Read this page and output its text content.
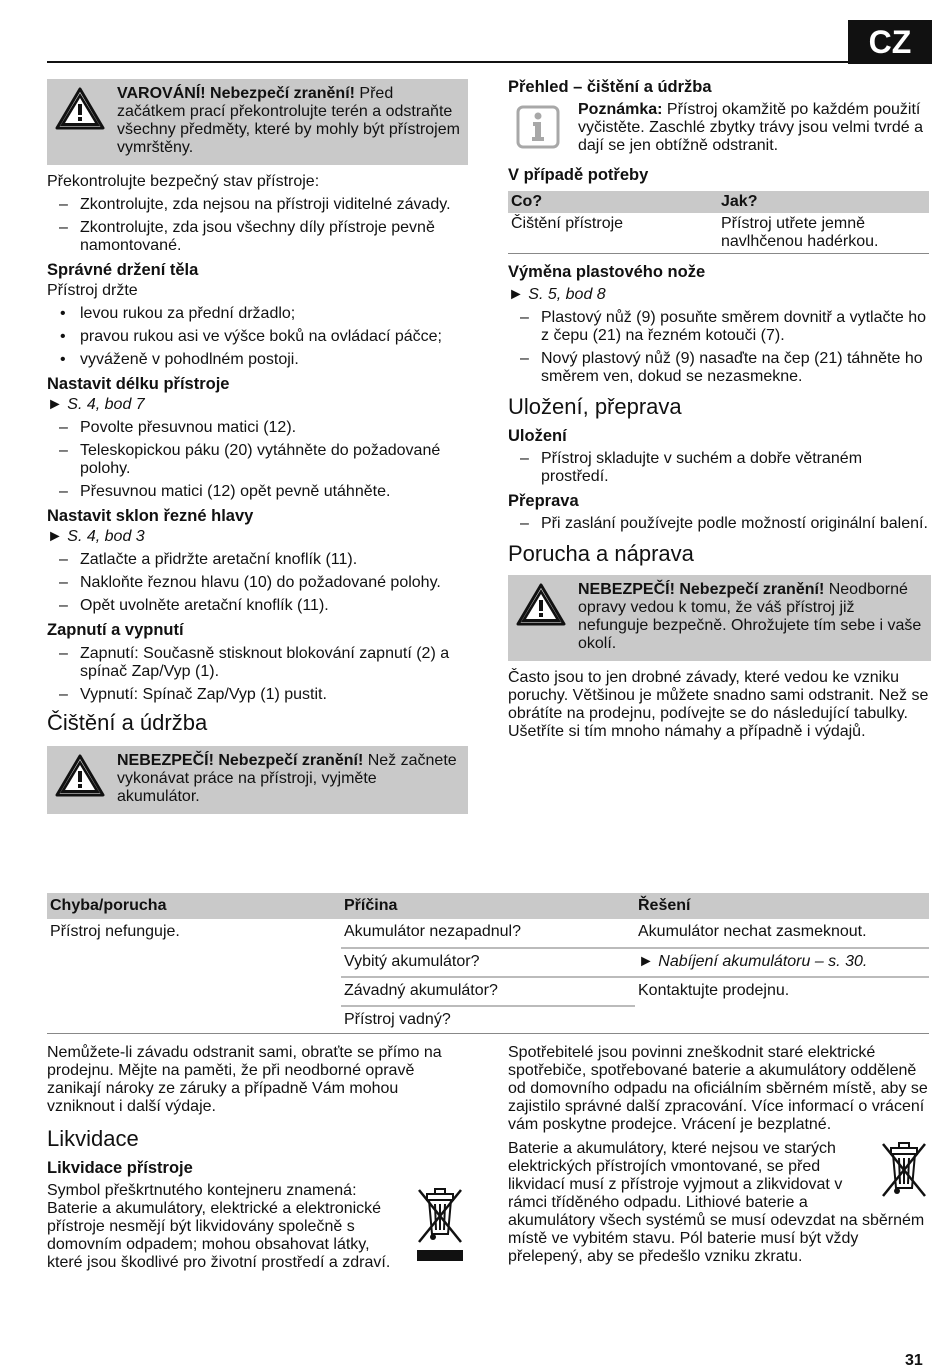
CZ
VAROVÁNÍ! Nebezpečí zranění! Před začátkem prací překontrolujte terén a odstraňte všechny předměty, které by mohly být přístrojem vymrštěny.
Překontrolujte bezpečný stav přístroje:
– Zkontrolujte, zda nejsou na přístroji viditelné závady.
– Zkontrolujte, zda jsou všechny díly přístroje pevně namontované.
Správné držení těla
Přístroj držte
• levou rukou za přední držadlo;
• pravou rukou asi ve výšce boků na ovládací páčce;
• vyváženě v pohodlném postoji.
Nastavit délku přístroje
► S. 4, bod 7
– Povolte přesuvnou matici (12).
– Teleskopickou páku (20) vytáhněte do požadované polohy.
– Přesuvnou matici (12) opět pevně utáhněte.
Nastavit sklon řezné hlavy
► S. 4, bod 3
– Zatlačte a přidržte aretační knoflík (11).
– Nakloňte řeznou hlavu (10) do požadované polohy.
– Opět uvolněte aretační knoflík (11).
Zapnutí a vypnutí
– Zapnutí: Současně stisknout blokování zapnutí (2) a spínač Zap/Vyp (1).
– Vypnutí: Spínač Zap/Vyp (1) pustit.
Čištění a údržba
NEBEZPEČÍ! Nebezpečí zranění! Než začnete vykonávat práce na přístroji, vyjměte akumulátor.
Přehled – čištění a údržba
Poznámka: Přístroj okamžitě po každém použití vyčistěte. Zaschlé zbytky trávy jsou velmi tvrdé a dají se jen obtížně odstranit.
V případě potřeby
Co?	Jak?
Čištění přístroje	Přístroj utřete jemně navlhčenou hadérkou.
Výměna plastového nože
► S. 5, bod 8
– Plastový nůž (9) posuňte směrem dovnitř a vytlačte ho z čepu (21) na řezném kotouči (7).
– Nový plastový nůž (9) nasaďte na čep (21) táhněte ho směrem ven, dokud se nezasmekne.
Uložení, přeprava
Uložení
– Přístroj skladujte v suchém a dobře větraném prostředí.
Přeprava
– Při zaslání používejte podle možností originální balení.
Porucha a náprava
NEBEZPEČÍ! Nebezpečí zranění! Neodborné opravy vedou k tomu, že váš přístroj již nefunguje bezpečně. Ohrožujete tím sebe i vaše okolí.
Často jsou to jen drobné závady, které vedou ke vzniku poruchy. Většinou je můžete snadno sami odstranit. Než se obrátíte na prodejnu, podívejte se do následující tabulky. Ušetříte si tím mnoho námahy a případně i výdajů.
Chyba/porucha	Příčina	Řešení
Přístroj nefunguje.	Akumulátor nezapadnul?	Akumulátor nechat zasmeknout.
	Vybitý akumulátor?	► Nabíjení akumulátoru – s. 30.
	Závadný akumulátor?	Kontaktujte prodejnu.
	Přístroj vadný?	
Nemůžete-li závadu odstranit sami, obraťte se přímo na prodejnu. Mějte na paměti, že při neodborné opravě zanikají nároky ze záruky a případně Vám mohou vzniknout i další výdaje.
Likvidace
Likvidace přístroje
Symbol přeškrtnutého kontejneru znamená: Baterie a akumulátory, elektrické a elektronické přístroje nesmějí být likvidovány společně s domovním odpadem; mohou obsahovat látky, které jsou škodlivé pro životní prostředí a zdraví.
Spotřebitelé jsou povinni zneškodnit staré elektrické spotřebiče, spotřebované baterie a akumulátory odděleně od domovního odpadu na oficiálním sběrném místě, aby se zajistilo správné další zpracování. Více informací o vrácení vám poskytne prodejce. Vrácení je bezplatné.
Baterie a akumulátory, které nejsou ve starých elektrických přístrojích vmontované, se před likvidací musí z přístroje vyjmout a zlikvidovat v rámci tříděného odpadu. Lithiové baterie a akumulátory všech systémů se musí odevzdat na sběrném místě ve vybitém stavu. Pól baterie musí být vždy přelepený, aby se předešlo vzniku zkratu.
31
